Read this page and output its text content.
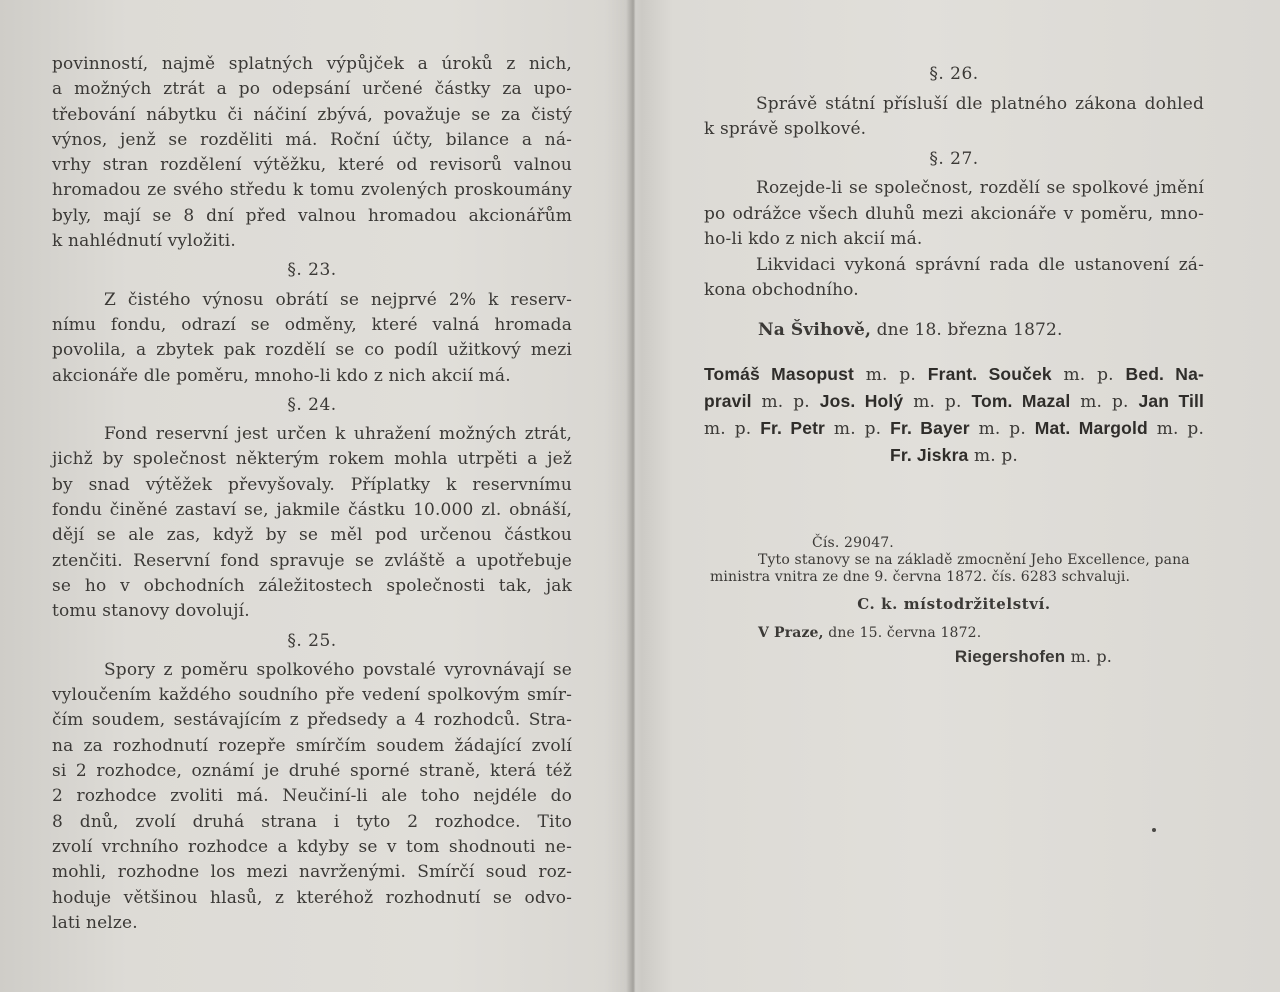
povinností, najmě splatných výpůjček a úroků z nich,
a možných ztrát a po odepsání určené částky za upo-
třebování nábytku či náčiní zbývá, považuje se za čistý
výnos, jenž se rozděliti má. Roční účty, bilance a ná-
vrhy stran rozdělení výtěžku, které od revisorů valnou
hromadou ze svého středu k tomu zvolených proskoumány
byly, mají se 8 dní před valnou hromadou akcionářům
k nahlédnutí vyložiti.
§. 23.
Z čistého výnosu obrátí se nejprvé 2% k reserv-
nímu fondu, odrazí se odměny, které valná hromada
povolila, a zbytek pak rozdělí se co podíl užitkový mezi
akcionáře dle poměru, mnoho-li kdo z nich akcií má.
§. 24.
Fond reservní jest určen k uhražení možných ztrát,
jichž by společnost některým rokem mohla utrpěti a jež
by snad výtěžek převyšovaly. Příplatky k reservnímu
fondu činěné zastaví se, jakmile částku 10.000 zl. obnáší,
dějí se ale zas, když by se měl pod určenou částkou
ztenčiti. Reservní fond spravuje se zvláště a upotřebuje
se ho v obchodních záležitostech společnosti tak, jak
tomu stanovy dovolují.
§. 25.
Spory z poměru spolkového povstalé vyrovnávají se
vyloučením každého soudního pře vedení spolkovým smír-
čím soudem, sestávajícím z předsedy a 4 rozhodců. Stra-
na za rozhodnutí rozepře smírčím soudem žádající zvolí
si 2 rozhodce, oznámí je druhé sporné straně, která též
2 rozhodce zvoliti má. Neučiní-li ale toho nejdéle do
8 dnů, zvolí druhá strana i tyto 2 rozhodce. Tito
zvolí vrchního rozhodce a kdyby se v tom shodnouti ne-
mohli, rozhodne los mezi navrženými. Smírčí soud roz-
hoduje většinou hlasů, z kteréhož rozhodnutí se odvo-
lati nelze.
§. 26.
Správě státní přísluší dle platného zákona dohled
k správě spolkové.
§. 27.
Rozejde-li se společnost, rozdělí se spolkové jmění
po odrážce všech dluhů mezi akcionáře v poměru, mno-
ho-li kdo z nich akcií má.
Likvidaci vykoná správní rada dle ustanovení zá-
kona obchodního.
Na Švihově, dne 18. března 1872.
Tomáš Masopust m. p. Frant. Souček m. p. Bed. Na-
pravil m. p. Jos. Holý m. p. Tom. Mazal m. p. Jan Till
m. p. Fr. Petr m. p. Fr. Bayer m. p. Mat. Margold m. p.
Fr. Jiskra m. p.
Čís. 29047.
Tyto stanovy se na základě zmocnění Jeho Excellence, pana
ministra vnitra ze dne 9. června 1872. čís. 6283 schvaluji.
C. k. místodržitelství.
V Praze, dne 15. června 1872.
Riegershofen m. p.
